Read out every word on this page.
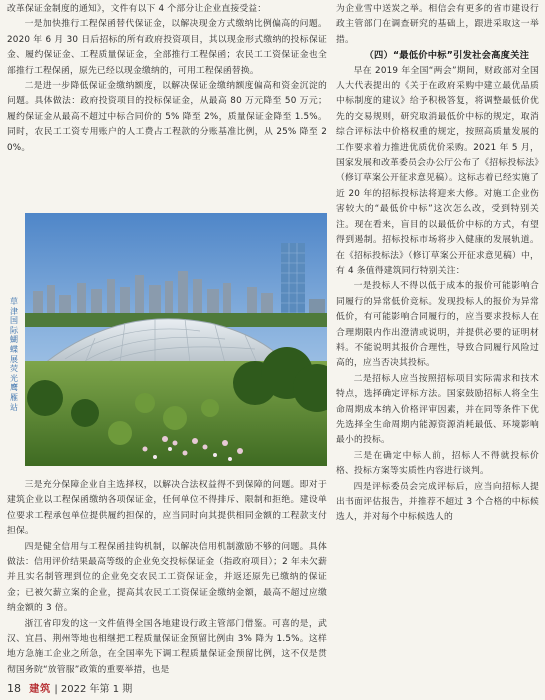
改革保证金制度的通知》，文件有以下 4 个部分让企业直接受益：

一是加快推行工程保函替代保证金，以解决现金方式缴纳比例偏高的问题。2020 年 6 月 30 日后招标的所有政府投资项目，其以现金形式缴纳的投标保证金、履约保证金、工程质量保证金，全部推行工程保函；农民工工资保证金也全部推行工程保函，原先已经以现金缴纳的，可用工程保函替换。

二是进一步降低保证金缴纳额度，以解决保证金缴纳额度偏高和资金沉淀的问题。具体做法：政府投资项目的投标保证金，从最高 80 万元降至 50 万元；履约保证金从最高不超过中标合同价的 5% 降至 2%，质量保证金降至 1.5%。同时，农民工工资专用账户的人工费占工程款的分账基准比例，从 25% 降至 20%。

草津国际蝴蝶展荧光鹰雁站

三是充分保障企业自主选择权，以解决合法权益得不到保障的问题。即对于建筑企业以工程保函缴纳各项保证金，任何单位不得排斥、限制和拒绝。建设单位要求工程承包单位提供履约担保的，应当同时向其提供相同金额的工程款支付担保。

四是健全信用与工程保函挂钩机制，以解决信用机制激励不够的问题。具体做法：信用评价结果最高等级的企业免交投标保证金（指政府项目）；2 年未欠薪并且实名制管理到位的企业免交农民工工资保证金，并返还原先已缴纳的保证金；已被欠薪立案的企业，提高其农民工工资保证金缴纳金额，最高不超过应缴纳金额的 3 倍。

浙江省印发的这一文件值得全国各地建设行政主管部门借鉴。可喜的是，武汉、宜昌、荆州等地也相继把工程质量保证金预留比例由 3% 降为 1.5%。这样地方急施工企业之所急，在全国率先下调工程质量保证金预留比例，这不仅是贯彻国务院“放管服”政策的重要举措，也是

为企业雪中送炭之举。相信会有更多的省市建设行政主管部门在调查研究的基础上，跟进采取这一举措。

（四）“最低价中标”引发社会高度关注

早在 2019 年全国“两会”期间，财政部对全国人大代表提出的《关于在政府采购中建立最优品质中标制度的建议》给予积极答复，将调整最低价优先的交易规则，研究取消最低价中标的规定，取消综合评标法中价格权重的规定，按照高质量发展的工作要求着力推进优质优价采购。2021 年 5 月，国家发展和改革委员会办公厅公布了《招标投标法》（修订草案公开征求意见稿）。这标志着已经实施了近 20 年的招标投标法将迎来大修。对施工企业伤害较大的“最低价中标”这次怎么改，受到特别关注。现在看来，盲目的以最低价中标的方式，有望得到遏制。招标投标市场将步入健康的发展轨道。在《招标投标法》（修订草案公开征求意见稿）中，有 4 条值得建筑同行特别关注：

一是投标人不得以低于成本的报价可能影响合同履行的异常低价竞标。发现投标人的报价为异常低价，有可能影响合同履行的，应当要求投标人在合理期限内作出澄清或说明，并提供必要的证明材料。不能说明其报价合理性，导致合同履行风险过高的，应当否决其投标。

二是招标人应当按照招标项目实际需求和技术特点，选择确定评标方法。国家鼓励招标人将全生命周期成本纳入价格评审因素，并在同等条件下优先选择全生命周期内能源资源消耗最低、环境影响最小的投标。

三是在确定中标人前，招标人不得就投标价格、投标方案等实质性内容进行谈判。

四是评标委员会完成评标后，应当向招标人提出书面评估报告，并推荐不超过 3 个合格的中标候选人，并对每个中标候选人的

18 建筑 | 2022 年第 1 期
